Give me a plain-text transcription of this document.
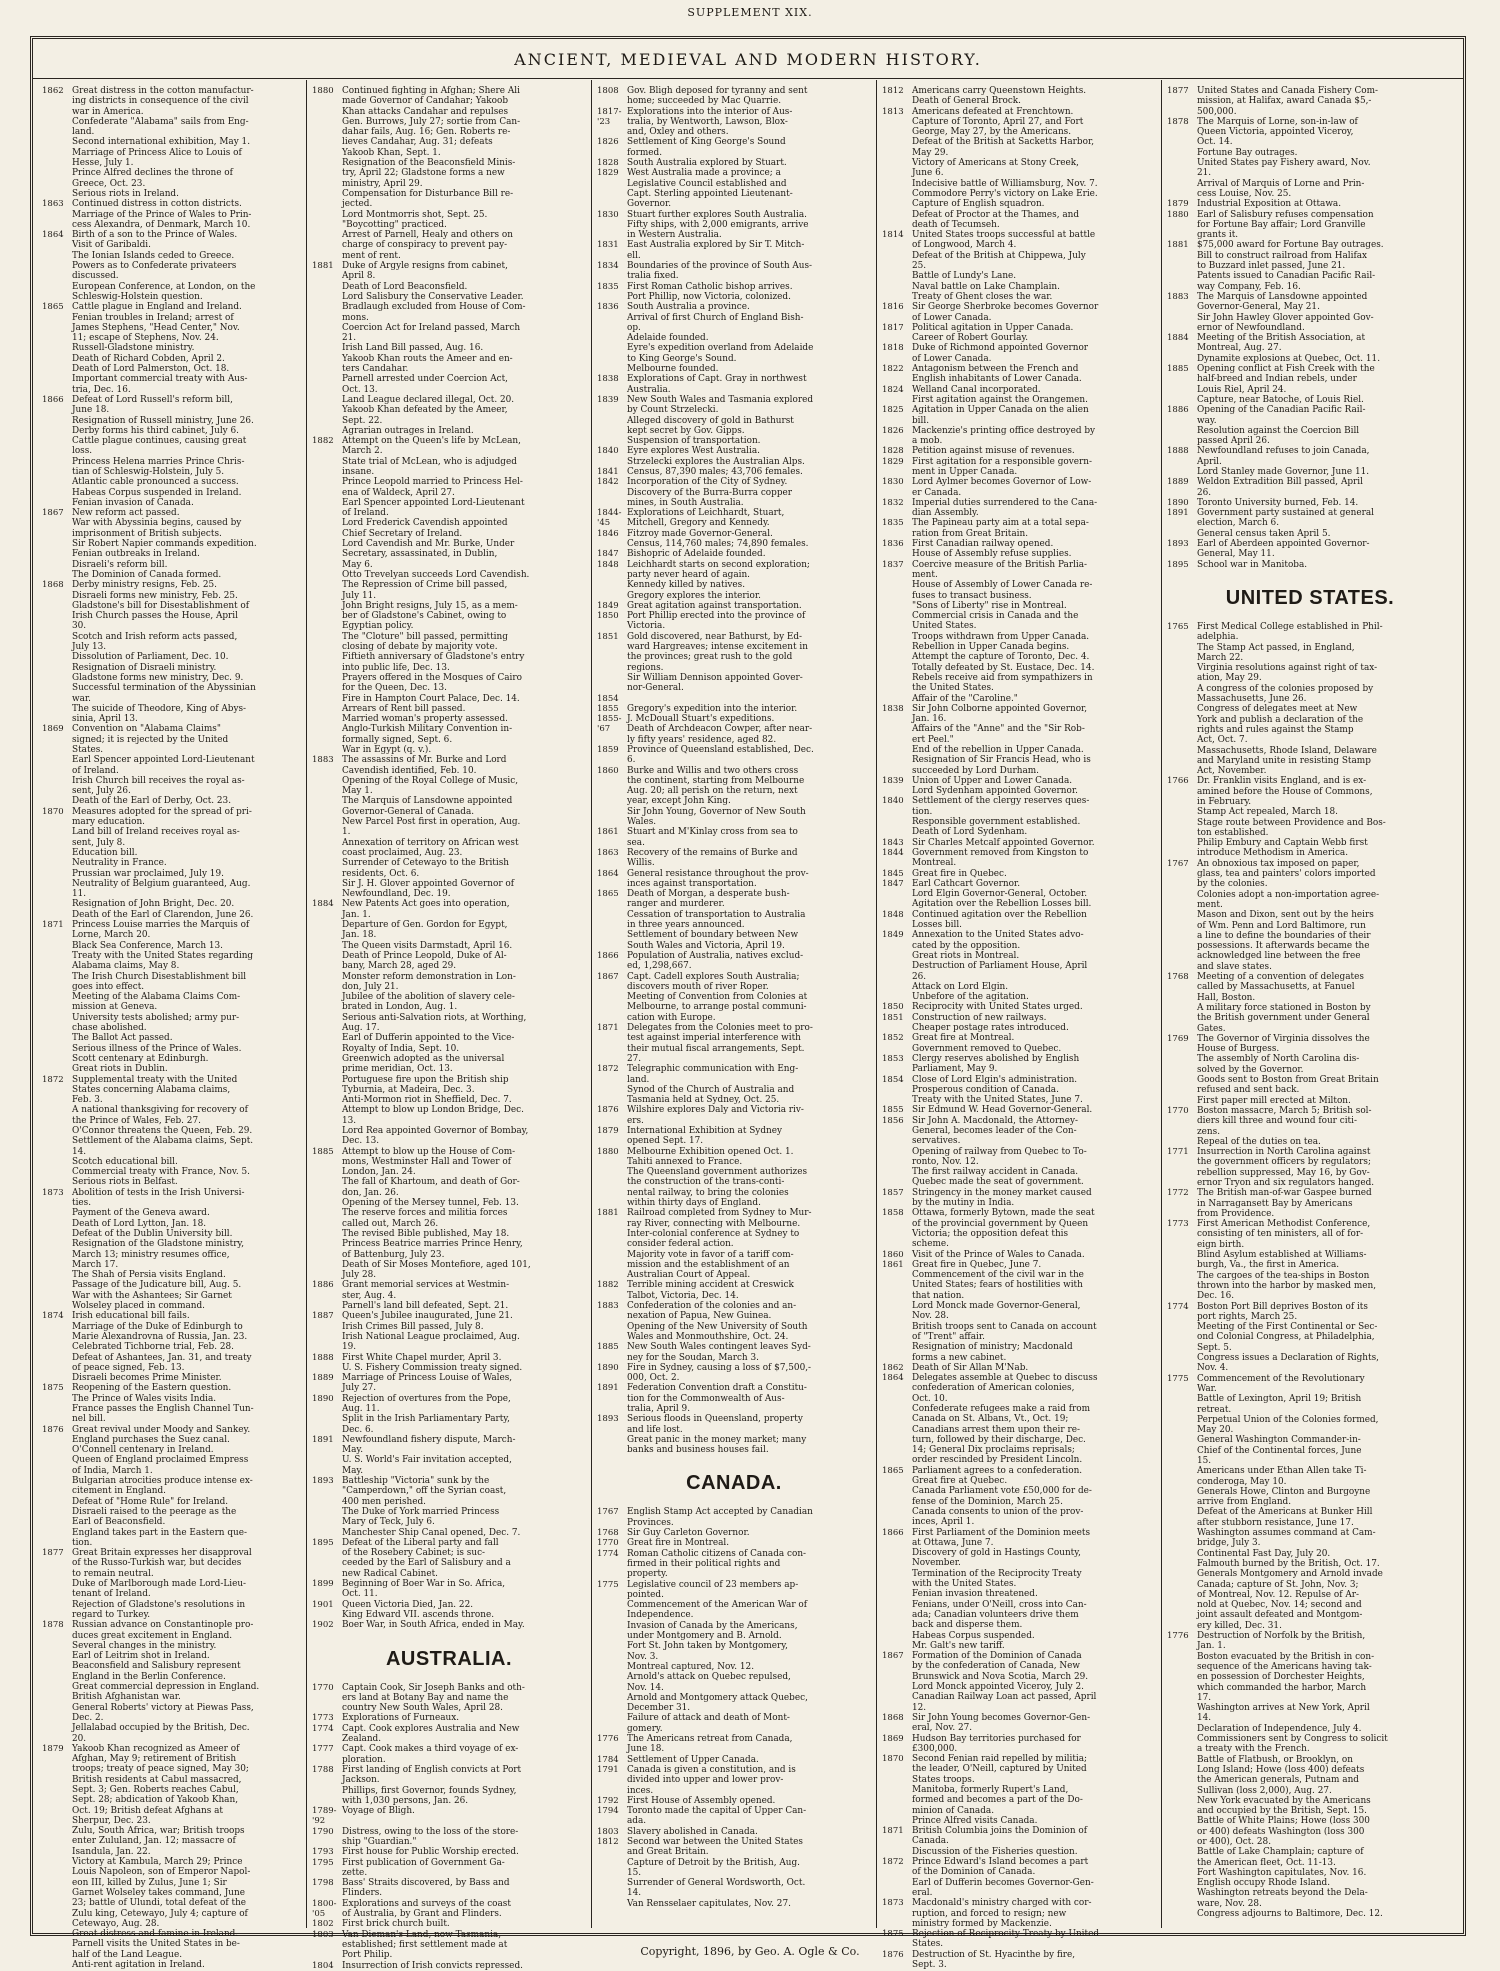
SUPPLEMENT XIX.
ANCIENT, MEDIEVAL AND MODERN HISTORY.
1862 Great distress in the cotton manufactur-
ing districts in consequence of the civil
war in America.
Confederate "Alabama" sails from Eng-
land.
Second international exhibition, May 1.
Marriage of Princess Alice to Louis of
Hesse, July 1.
Prince Alfred declines the throne of
Greece, Oct. 23.
Serious riots in Ireland.
1863 Continued distress in cotton districts.
Marriage of the Prince of Wales to Prin-
cess Alexandra, of Denmark, March 10.
1864 Birth of a son to the Prince of Wales.
Visit of Garibaldi.
The Ionian Islands ceded to Greece.
Powers as to Confederate privateers
discussed.
European Conference, at London, on the
Schleswig-Holstein question.
1865 Cattle plague in England and Ireland.
Fenian troubles in Ireland; arrest of
James Stephens, "Head Center," Nov.
11; escape of Stephens, Nov. 24.
Russell-Gladstone ministry.
Death of Richard Cobden, April 2.
Death of Lord Palmerston, Oct. 18.
Important commercial treaty with Aus-
tria, Dec. 16.
1866 Defeat of Lord Russell's reform bill,
June 18.
Resignation of Russell ministry, June 26.
Derby forms his third cabinet, July 6.
Cattle plague continues, causing great
loss.
Princess Helena marries Prince Chris-
tian of Schleswig-Holstein, July 5.
Atlantic cable pronounced a success.
Habeas Corpus suspended in Ireland.
Fenian invasion of Canada.
1867 New reform act passed.
War with Abyssinia begins, caused by
imprisonment of British subjects.
Sir Robert Napier commands expedition.
Fenian outbreaks in Ireland.
Disraeli's reform bill.
The Dominion of Canada formed.
1868 Derby ministry resigns, Feb. 25.
Disraeli forms new ministry, Feb. 25.
Gladstone's bill for Disestablishment of
Irish Church passes the House, April
30.
Scotch and Irish reform acts passed,
July 13.
Dissolution of Parliament, Dec. 10.
Resignation of Disraeli ministry.
Gladstone forms new ministry, Dec. 9.
Successful termination of the Abyssinian
war.
The suicide of Theodore, King of Abys-
sinia, April 13.
1869 Convention on "Alabama Claims"
signed; it is rejected by the United
States.
Earl Spencer appointed Lord-Lieutenant
of Ireland.
Irish Church bill receives the royal as-
sent, July 26.
Death of the Earl of Derby, Oct. 23.
1870 Measures adopted for the spread of pri-
mary education.
Land bill of Ireland receives royal as-
sent, July 8.
Education bill.
Neutrality in France.
Prussian war proclaimed, July 19.
Neutrality of Belgium guaranteed, Aug.
11.
Resignation of John Bright, Dec. 20.
Death of the Earl of Clarendon, June 26.
1871 Princess Louise marries the Marquis of
Lorne, March 20.
Black Sea Conference, March 13.
Treaty with the United States regarding
Alabama claims, May 8.
The Irish Church Disestablishment bill
goes into effect.
Meeting of the Alabama Claims Com-
mission at Geneva.
University tests abolished; army pur-
chase abolished.
The Ballot Act passed.
Serious illness of the Prince of Wales.
Scott centenary at Edinburgh.
Great riots in Dublin.
1872 Supplemental treaty with the United
States concerning Alabama claims,
Feb. 3.
A national thanksgiving for recovery of
the Prince of Wales, Feb. 27.
O'Connor threatens the Queen, Feb. 29.
Settlement of the Alabama claims, Sept.
14.
Scotch educational bill.
Commercial treaty with France, Nov. 5.
Serious riots in Belfast.
1873 Abolition of tests in the Irish Universi-
ties.
Payment of the Geneva award.
Death of Lord Lytton, Jan. 18.
Defeat of the Dublin University bill.
Resignation of the Gladstone ministry,
March 13; ministry resumes office,
March 17.
The Shah of Persia visits England.
Passage of the Judicature bill, Aug. 5.
War with the Ashantees; Sir Garnet
Wolseley placed in command.
1874 Irish educational bill fails.
Marriage of the Duke of Edinburgh to
Marie Alexandrovna of Russia, Jan. 23.
Celebrated Tichborne trial, Feb. 28.
Defeat of Ashantees, Jan. 31, and treaty
of peace signed, Feb. 13.
Disraeli becomes Prime Minister.
1875 Reopening of the Eastern question.
The Prince of Wales visits India.
France passes the English Channel Tun-
nel bill.
1876 Great revival under Moody and Sankey.
England purchases the Suez canal.
O'Connell centenary in Ireland.
Queen of England proclaimed Empress
of India, March 1.
Bulgarian atrocities produce intense ex-
citement in England.
Defeat of "Home Rule" for Ireland.
Disraeli raised to the peerage as the
Earl of Beaconsfield.
England takes part in the Eastern que-
tion.
1877 Great Britain expresses her disapproval
of the Russo-Turkish war, but decides
to remain neutral.
Duke of Marlborough made Lord-Lieu-
tenant of Ireland.
Rejection of Gladstone's resolutions in
regard to Turkey.
1878 Russian advance on Constantinople pro-
duces great excitement in England.
Several changes in the ministry.
Earl of Leitrim shot in Ireland.
Beaconsfield and Salisbury represent
England in the Berlin Conference.
Great commercial depression in England.
British Afghanistan war.
General Roberts' victory at Piewas Pass,
Dec. 2.
Jellalabad occupied by the British, Dec.
20.
1879 Yakoob Khan recognized as Ameer of
Afghan, May 9; retirement of British
troops; treaty of peace signed, May 30;
British residents at Cabul massacred,
Sept. 3; Gen. Roberts reaches Cabul,
Sept. 28; abdication of Yakoob Khan,
Oct. 19; British defeat Afghans at
Sherpur, Dec. 23.
Zulu, South Africa, war; British troops
enter Zululand, Jan. 12; massacre of
Isandula, Jan. 22.
Victory at Kambula, March 29; Prince
Louis Napoleon, son of Emperor Napol-
eon III, killed by Zulus, June 1; Sir
Garnet Wolseley takes command, June
23; battle of Ulundi, total defeat of the
Zulu king, Cetewayo, July 4; capture of
Cetewayo, Aug. 28.
Great distress and famine in Ireland.
Parnell visits the United States in be-
half of the Land League.
Anti-rent agitation in Ireland.
1880 Continued fighting in Afghan; Shere Ali
made Governor of Candahar; Yakoob
Khan attacks Candahar and repulses
Gen. Burrows, July 27; sortie from Can-
dahar fails, Aug. 16; Gen. Roberts re-
lieves Candahar, Aug. 31; defeats
Yakoob Khan, Sept. 1.
Resignation of the Beaconsfield Minis-
try, April 22; Gladstone forms a new
ministry, April 29.
Compensation for Disturbance Bill re-
jected.
Lord Montmorris shot, Sept. 25.
"Boycotting" practiced.
Arrest of Parnell, Healy and others on
charge of conspiracy to prevent pay-
ment of rent.
1881 Duke of Argyle resigns from cabinet,
April 8.
Death of Lord Beaconsfield.
Lord Salisbury the Conservative Leader.
Bradlaugh excluded from House of Com-
mons.
Coercion Act for Ireland passed, March
21.
Irish Land Bill passed, Aug. 16.
Yakoob Khan routs the Ameer and en-
ters Candahar.
Parnell arrested under Coercion Act,
Oct. 13.
Land League declared illegal, Oct. 20.
Yakoob Khan defeated by the Ameer,
Sept. 22.
Agrarian outrages in Ireland.
1882 Attempt on the Queen's life by McLean,
March 2.
State trial of McLean, who is adjudged
insane.
Prince Leopold married to Princess Hel-
ena of Waldeck, April 27.
Earl Spencer appointed Lord-Lieutenant
of Ireland.
Lord Frederick Cavendish appointed
Chief Secretary of Ireland.
Lord Cavendish and Mr. Burke, Under
Secretary, assassinated, in Dublin,
May 6.
Otto Trevelyan succeeds Lord Cavendish.
The Repression of Crime bill passed,
July 11.
John Bright resigns, July 15, as a mem-
ber of Gladstone's Cabinet, owing to
Egyptian policy.
The "Cloture" bill passed, permitting
closing of debate by majority vote.
Fiftieth anniversary of Gladstone's entry
into public life, Dec. 13.
Prayers offered in the Mosques of Cairo
for the Queen, Dec. 13.
Fire in Hampton Court Palace, Dec. 14.
Arrears of Rent bill passed.
Married woman's property assessed.
Anglo-Turkish Military Convention in-
formally signed, Sept. 6.
War in Egypt (q. v.).
1883 The assassins of Mr. Burke and Lord
Cavendish identified, Feb. 10.
Opening of the Royal College of Music,
May 1.
The Marquis of Lansdowne appointed
Governor-General of Canada.
New Parcel Post first in operation, Aug.
1.
Annexation of territory on African west
coast proclaimed, Aug. 23.
Surrender of Cetewayo to the British
residents, Oct. 6.
Sir J. H. Glover appointed Governor of
Newfoundland, Dec. 19.
1884 New Patents Act goes into operation,
Jan. 1.
Departure of Gen. Gordon for Egypt,
Jan. 18.
The Queen visits Darmstadt, April 16.
Death of Prince Leopold, Duke of Al-
bany, March 28, aged 29.
Monster reform demonstration in Lon-
don, July 21.
Jubilee of the abolition of slavery cele-
brated in London, Aug. 1.
Serious anti-Salvation riots, at Worthing,
Aug. 17.
Earl of Dufferin appointed to the Vice-
Royalty of India, Sept. 10.
Greenwich adopted as the universal
prime meridian, Oct. 13.
Portuguese fire upon the British ship
Tyburnia, at Madeira, Dec. 3.
Anti-Mormon riot in Sheffield, Dec. 7.
Attempt to blow up London Bridge, Dec.
13.
Lord Rea appointed Governor of Bombay,
Dec. 13.
1885 Attempt to blow up the House of Com-
mons, Westminster Hall and Tower of
London, Jan. 24.
The fall of Khartoum, and death of Gor-
don, Jan. 26.
Opening of the Mersey tunnel, Feb. 13.
The reserve forces and militia forces
called out, March 26.
The revised Bible published, May 18.
Princess Beatrice marries Prince Henry,
of Battenburg, July 23.
Death of Sir Moses Montefiore, aged 101,
July 28.
1886 Grant memorial services at Westmin-
ster, Aug. 4.
Parnell's land bill defeated, Sept. 21.
1887 Queen's Jubilee inaugurated, June 21.
Irish Crimes Bill passed, July 8.
Irish National League proclaimed, Aug.
19.
1888 First White Chapel murder, April 3.
U. S. Fishery Commission treaty signed.
1889 Marriage of Princess Louise of Wales,
July 27.
1890 Rejection of overtures from the Pope,
Aug. 11.
Split in the Irish Parliamentary Party,
Dec. 6.
1891 Newfoundland fishery dispute, March-
May.
U. S. World's Fair invitation accepted,
May.
1893 Battleship "Victoria" sunk by the
"Camperdown," off the Syrian coast,
400 men perished.
The Duke of York married Princess
Mary of Teck, July 6.
Manchester Ship Canal opened, Dec. 7.
1895 Defeat of the Liberal party and fall
of the Rosebery Cabinet; is suc-
ceeded by the Earl of Salisbury and a
new Radical Cabinet.
1899 Beginning of Boer War in So. Africa,
Oct. 11.
1901 Queen Victoria Died, Jan. 22.
King Edward VII. ascends throne.
1902 Boer War, in South Africa, ended in May.
AUSTRALIA.
1770 Captain Cook, Sir Joseph Banks and oth-
ers land at Botany Bay and name the
country New South Wales, April 28.
1773 Explorations of Furneaux.
1774 Capt. Cook explores Australia and New
Zealand.
1777 Capt. Cook makes a third voyage of ex-
ploration.
1788 First landing of English convicts at Port
Jackson.
Phillips, first Governor, founds Sydney,
with 1,030 persons, Jan. 26.
1789-'92
Voyage of Bligh.
1790 Distress, owing to the loss of the store-
ship "Guardian."
1793 First house for Public Worship erected.
1795 First publication of Government Ga-
zette.
1798 Bass' Straits discovered, by Bass and
Flinders.
1800-'05
Explorations and surveys of the coast
of Australia, by Grant and Flinders.
1802 First brick church built.
1803 Van Dieman's Land, now Tasmania,
established; first settlement made at
Port Philip.
1804 Insurrection of Irish convicts repressed.
1808 Gov. Bligh deposed for tyranny and sent
home; succeeded by Mac Quarrie.
1817-'23
Explorations into the interior of Aus-
tralia, by Wentworth, Lawson, Blox-
and, Oxley and others.
1826 Settlement of King George's Sound
formed.
1828 South Australia explored by Stuart.
1829 West Australia made a province; a
Legislative Council established and
Capt. Sterling appointed Lieutenant-
Governor.
1830 Stuart further explores South Australia.
Fifty ships, with 2,000 emigrants, arrive
in Western Australia.
1831 East Australia explored by Sir T. Mitch-
ell.
1834 Boundaries of the province of South Aus-
tralia fixed.
1835 First Roman Catholic bishop arrives.
Port Phillip, now Victoria, colonized.
1836 South Australia a province.
Arrival of first Church of England Bish-
op.
Adelaide founded.
Eyre's expedition overland from Adelaide
to King George's Sound.
Melbourne founded.
1838 Explorations of Capt. Gray in northwest
Australia.
1839 New South Wales and Tasmania explored
by Count Strzelecki.
Alleged discovery of gold in Bathurst
kept secret by Gov. Gipps.
Suspension of transportation.
1840 Eyre explores West Australia.
Strzelecki explores the Australian Alps.
1841 Census, 87,390 males; 43,706 females.
1842 Incorporation of the City of Sydney.
Discovery of the Burra-Burra copper
mines, in South Australia.
1844-'45
Explorations of Leichhardt, Stuart,
Mitchell, Gregory and Kennedy.
1846 Fitzroy made Governor-General.
Census, 114,760 males; 74,890 females.
1847 Bishopric of Adelaide founded.
1848 Leichhardt starts on second exploration;
party never heard of again.
Kennedy killed by natives.
Gregory explores the interior.
1849 Great agitation against transportation.
1850 Port Phillip erected into the province of
Victoria.
1851 Gold discovered, near Bathurst, by Ed-
ward Hargreaves; intense excitement in
the provinces; great rush to the gold
regions.
Sir William Dennison appointed Gover-
nor-General.
1854
1855 Gregory's expedition into the interior.
1855-'67
J. McDouall Stuart's expeditions.
Death of Archdeacon Cowper, after near-
ly fifty years' residence, aged 82.
1859 Province of Queensland established, Dec.
6.
1860 Burke and Willis and two others cross
the continent, starting from Melbourne
Aug. 20; all perish on the return, next
year, except John King.
Sir John Young, Governor of New South
Wales.
1861 Stuart and M'Kinlay cross from sea to
sea.
1863 Recovery of the remains of Burke and
Willis.
1864 General resistance throughout the prov-
inces against transportation.
1865 Death of Morgan, a desperate bush-
ranger and murderer.
Cessation of transportation to Australia
in three years announced.
Settlement of boundary between New
South Wales and Victoria, April 19.
1866 Population of Australia, natives exclud-
ed, 1,298,667.
1867 Capt. Cadell explores South Australia;
discovers mouth of river Roper.
Meeting of Convention from Colonies at
Melbourne, to arrange postal communi-
cation with Europe.
1871 Delegates from the Colonies meet to pro-
test against imperial interference with
their mutual fiscal arrangements, Sept.
27.
1872 Telegraphic communication with Eng-
land.
Synod of the Church of Australia and
Tasmania held at Sydney, Oct. 25.
1876 Wilshire explores Daly and Victoria riv-
ers.
1879 International Exhibition at Sydney
opened Sept. 17.
1880 Melbourne Exhibition opened Oct. 1.
Tahiti annexed to France.
The Queensland government authorizes
the construction of the trans-conti-
nental railway, to bring the colonies
within thirty days of England.
1881 Railroad completed from Sydney to Mur-
ray River, connecting with Melbourne.
Inter-colonial conference at Sydney to
consider federal action.
Majority vote in favor of a tariff com-
mission and the establishment of an
Australian Court of Appeal.
1882 Terrible mining accident at Creswick
Talbot, Victoria, Dec. 14.
1883 Confederation of the colonies and an-
nexation of Papua, New Guinea.
Opening of the New University of South
Wales and Monmouthshire, Oct. 24.
1885 New South Wales contingent leaves Syd-
ney for the Soudan, March 3.
1890 Fire in Sydney, causing a loss of $7,500,-
000, Oct. 2.
1891 Federation Convention draft a Constitu-
tion for the Commonwealth of Aus-
tralia, April 9.
1893 Serious floods in Queensland, property
and life lost.
Great panic in the money market; many
banks and business houses fail.
CANADA.
1767 English Stamp Act accepted by Canadian
Provinces.
1768 Sir Guy Carleton Governor.
1770 Great fire in Montreal.
1774 Roman Catholic citizens of Canada con-
firmed in their political rights and
property.
1775 Legislative council of 23 members ap-
pointed.
Commencement of the American War of
Independence.
Invasion of Canada by the Americans,
under Montgomery and B. Arnold.
Fort St. John taken by Montgomery,
Nov. 3.
Montreal captured, Nov. 12.
Arnold's attack on Quebec repulsed,
Nov. 14.
Arnold and Montgomery attack Quebec,
December 31.
Failure of attack and death of Mont-
gomery.
1776 The Americans retreat from Canada,
June 18.
1784 Settlement of Upper Canada.
1791 Canada is given a constitution, and is
divided into upper and lower prov-
inces.
1792 First House of Assembly opened.
1794 Toronto made the capital of Upper Can-
ada.
1803 Slavery abolished in Canada.
1812 Second war between the United States
and Great Britain.
Capture of Detroit by the British, Aug.
15.
Surrender of General Wordsworth, Oct.
14.
Van Rensselaer capitulates, Nov. 27.
1812 Americans carry Queenstown Heights.
Death of General Brock.
1813 Americans defeated at Frenchtown.
Capture of Toronto, April 27, and Fort
George, May 27, by the Americans.
Defeat of the British at Sacketts Harbor,
May 29.
Victory of Americans at Stony Creek,
June 6.
Indecisive battle of Williamsburg, Nov. 7.
Commodore Perry's victory on Lake Erie.
Capture of English squadron.
Defeat of Proctor at the Thames, and
death of Tecumseh.
1814 United States troops successful at battle
of Longwood, March 4.
Defeat of the British at Chippewa, July
25.
Battle of Lundy's Lane.
Naval battle on Lake Champlain.
Treaty of Ghent closes the war.
1816 Sir George Sherbroke becomes Governor
of Lower Canada.
1817 Political agitation in Upper Canada.
Career of Robert Gourlay.
1818 Duke of Richmond appointed Governor
of Lower Canada.
1822 Antagonism between the French and
English inhabitants of Lower Canada.
1824 Welland Canal incorporated.
First agitation against the Orangemen.
1825 Agitation in Upper Canada on the alien
bill.
1826 Mackenzie's printing office destroyed by
a mob.
1828 Petition against misuse of revenues.
1829 First agitation for a responsible govern-
ment in Upper Canada.
1830 Lord Aylmer becomes Governor of Low-
er Canada.
1832 Imperial duties surrendered to the Cana-
dian Assembly.
1835 The Papineau party aim at a total sepa-
ration from Great Britain.
1836 First Canadian railway opened.
House of Assembly refuse supplies.
1837 Coercive measure of the British Parlia-
ment.
House of Assembly of Lower Canada re-
fuses to transact business.
"Sons of Liberty" rise in Montreal.
Commercial crisis in Canada and the
United States.
Troops withdrawn from Upper Canada.
Rebellion in Upper Canada begins.
Attempt the capture of Toronto, Dec. 4.
Totally defeated by St. Eustace, Dec. 14.
Rebels receive aid from sympathizers in
the United States.
Affair of the "Caroline."
1838 Sir John Colborne appointed Governor,
Jan. 16.
Affairs of the "Anne" and the "Sir Rob-
ert Peel."
End of the rebellion in Upper Canada.
Resignation of Sir Francis Head, who is
succeeded by Lord Durham.
1839 Union of Upper and Lower Canada.
Lord Sydenham appointed Governor.
1840 Settlement of the clergy reserves ques-
tion.
Responsible government established.
Death of Lord Sydenham.
1843 Sir Charles Metcalf appointed Governor.
1844 Government removed from Kingston to
Montreal.
1845 Great fire in Quebec.
1847 Earl Cathcart Governor.
Lord Elgin Governor-General, October.
Agitation over the Rebellion Losses bill.
1848 Continued agitation over the Rebellion
Losses bill.
1849 Annexation to the United States advo-
cated by the opposition.
Great riots in Montreal.
Destruction of Parliament House, April
26.
Attack on Lord Elgin.
Unbefore of the agitation.
1850 Reciprocity with United States urged.
1851 Construction of new railways.
Cheaper postage rates introduced.
1852 Great fire at Montreal.
Government removed to Quebec.
1853 Clergy reserves abolished by English
Parliament, May 9.
1854 Close of Lord Elgin's administration.
Prosperous condition of Canada.
Treaty with the United States, June 7.
1855 Sir Edmund W. Head Governor-General.
1856 Sir John A. Macdonald, the Attorney-
General, becomes leader of the Con-
servatives.
Opening of railway from Quebec to To-
ronto, Nov. 12.
The first railway accident in Canada.
Quebec made the seat of government.
1857 Stringency in the money market caused
by the mutiny in India.
1858 Ottawa, formerly Bytown, made the seat
of the provincial government by Queen
Victoria; the opposition defeat this
scheme.
1860 Visit of the Prince of Wales to Canada.
1861 Great fire in Quebec, June 7.
Commencement of the civil war in the
United States; fears of hostilities with
that nation.
Lord Monck made Governor-General,
Nov. 28.
British troops sent to Canada on account
of "Trent" affair.
Resignation of ministry; Macdonald
forms a new cabinet.
1862 Death of Sir Allan M'Nab.
1864 Delegates assemble at Quebec to discuss
confederation of American colonies,
Oct. 10.
Confederate refugees make a raid from
Canada on St. Albans, Vt., Oct. 19;
Canadians arrest them upon their re-
turn, followed by their discharge, Dec.
14; General Dix proclaims reprisals;
order rescinded by President Lincoln.
1865 Parliament agrees to a confederation.
Great fire at Quebec.
Canada Parliament vote £50,000 for de-
fense of the Dominion, March 25.
Canada consents to union of the prov-
inces, April 1.
1866 First Parliament of the Dominion meets
at Ottawa, June 7.
Discovery of gold in Hastings County,
November.
Termination of the Reciprocity Treaty
with the United States.
Fenian invasion threatened.
Fenians, under O'Neill, cross into Can-
ada; Canadian volunteers drive them
back and disperse them.
Habeas Corpus suspended.
Mr. Galt's new tariff.
1867 Formation of the Dominion of Canada
by the confederation of Canada, New
Brunswick and Nova Scotia, March 29.
Lord Monck appointed Viceroy, July 2.
Canadian Railway Loan act passed, April
12.
1868 Sir John Young becomes Governor-Gen-
eral, Nov. 27.
1869 Hudson Bay territories purchased for
£300,000.
1870 Second Fenian raid repelled by militia;
the leader, O'Neill, captured by United
States troops.
Manitoba, formerly Rupert's Land,
formed and becomes a part of the Do-
minion of Canada.
Prince Alfred visits Canada.
1871 British Columbia joins the Dominion of
Canada.
Discussion of the Fisheries question.
1872 Prince Edward's Island becomes a part
of the Dominion of Canada.
Earl of Dufferin becomes Governor-Gen-
eral.
1873 Macdonald's ministry charged with cor-
ruption, and forced to resign; new
ministry formed by Mackenzie.
1875 Rejection of Reciprocity Treaty by United
States.
1876 Destruction of St. Hyacinthe by fire,
Sept. 3.
1877 United States and Canada Fishery Com-
mission, at Halifax, award Canada $5,-
500,000.
1878 The Marquis of Lorne, son-in-law of
Queen Victoria, appointed Viceroy,
Oct. 14.
Fortune Bay outrages.
United States pay Fishery award, Nov.
21.
Arrival of Marquis of Lorne and Prin-
cess Louise, Nov. 25.
1879 Industrial Exposition at Ottawa.
1880 Earl of Salisbury refuses compensation
for Fortune Bay affair; Lord Granville
grants it.
1881 $75,000 award for Fortune Bay outrages.
Bill to construct railroad from Halifax
to Buzzard inlet passed, June 21.
Patents issued to Canadian Pacific Rail-
way Company, Feb. 16.
1883 The Marquis of Lansdowne appointed
Governor-General, May 21.
Sir John Hawley Glover appointed Gov-
ernor of Newfoundland.
1884 Meeting of the British Association, at
Montreal, Aug. 27.
Dynamite explosions at Quebec, Oct. 11.
1885 Opening conflict at Fish Creek with the
half-breed and Indian rebels, under
Louis Riel, April 24.
Capture, near Batoche, of Louis Riel.
1886 Opening of the Canadian Pacific Rail-
way.
Resolution against the Coercion Bill
passed April 26.
1888 Newfoundland refuses to join Canada,
April.
Lord Stanley made Governor, June 11.
1889 Weldon Extradition Bill passed, April
26.
1890 Toronto University burned, Feb. 14.
1891 Government party sustained at general
election, March 6.
General census taken April 5.
1893 Earl of Aberdeen appointed Governor-
General, May 11.
1895 School war in Manitoba.
UNITED STATES.
1765 First Medical College established in Phil-
adelphia.
The Stamp Act passed, in England,
March 22.
Virginia resolutions against right of tax-
ation, May 29.
A congress of the colonies proposed by
Massachusetts, June 26.
Congress of delegates meet at New
York and publish a declaration of the
rights and rules against the Stamp
Act, Oct. 7.
Massachusetts, Rhode Island, Delaware
and Maryland unite in resisting Stamp
Act, November.
1766 Dr. Franklin visits England, and is ex-
amined before the House of Commons,
in February.
Stamp Act repealed, March 18.
Stage route between Providence and Bos-
ton established.
Philip Embury and Captain Webb first
introduce Methodism in America.
1767 An obnoxious tax imposed on paper,
glass, tea and painters' colors imported
by the colonies.
Colonies adopt a non-importation agree-
ment.
Mason and Dixon, sent out by the heirs
of Wm. Penn and Lord Baltimore, run
a line to define the boundaries of their
possessions. It afterwards became the
acknowledged line between the free
and slave states.
1768 Meeting of a convention of delegates
called by Massachusetts, at Fanuel
Hall, Boston.
A military force stationed in Boston by
the British government under General
Gates.
1769 The Governor of Virginia dissolves the
House of Burgess.
The assembly of North Carolina dis-
solved by the Governor.
Goods sent to Boston from Great Britain
refused and sent back.
First paper mill erected at Milton.
1770 Boston massacre, March 5; British sol-
diers kill three and wound four citi-
zens.
Repeal of the duties on tea.
1771 Insurrection in North Carolina against
the government officers by regulators;
rebellion suppressed, May 16, by Gov-
ernor Tryon and six regulators hanged.
1772 The British man-of-war Gaspee burned
in Narragansett Bay by Americans
from Providence.
1773 First American Methodist Conference,
consisting of ten ministers, all of for-
eign birth.
Blind Asylum established at Williams-
burgh, Va., the first in America.
The cargoes of the tea-ships in Boston
thrown into the harbor by masked men,
Dec. 16.
1774 Boston Port Bill deprives Boston of its
port rights, March 25.
Meeting of the First Continental or Sec-
ond Colonial Congress, at Philadelphia,
Sept. 5.
Congress issues a Declaration of Rights,
Nov. 4.
1775 Commencement of the Revolutionary
War.
Battle of Lexington, April 19; British
retreat.
Perpetual Union of the Colonies formed,
May 20.
General Washington Commander-in-
Chief of the Continental forces, June
15.
Americans under Ethan Allen take Ti-
conderoga, May 10.
Generals Howe, Clinton and Burgoyne
arrive from England.
Defeat of the Americans at Bunker Hill
after stubborn resistance, June 17.
Washington assumes command at Cam-
bridge, July 3.
Continental Fast Day, July 20.
Falmouth burned by the British, Oct. 17.
Generals Montgomery and Arnold invade
Canada; capture of St. John, Nov. 3;
of Montreal, Nov. 12. Repulse of Ar-
nold at Quebec, Nov. 14; second and
joint assault defeated and Montgom-
ery killed, Dec. 31.
1776 Destruction of Norfolk by the British,
Jan. 1.
Boston evacuated by the British in con-
sequence of the Americans having tak-
en possession of Dorchester Heights,
which commanded the harbor, March
17.
Washington arrives at New York, April
14.
Declaration of Independence, July 4.
Commissioners sent by Congress to solicit
a treaty with the French.
Battle of Flatbush, or Brooklyn, on
Long Island; Howe (loss 400) defeats
the American generals, Putnam and
Sullivan (loss 2,000), Aug. 27.
New York evacuated by the Americans
and occupied by the British, Sept. 15.
Battle of White Plains; Howe (loss 300
or 400) defeats Washington (loss 300
or 400), Oct. 28.
Battle of Lake Champlain; capture of
the American fleet, Oct. 11-13.
Fort Washington capitulates, Nov. 16.
English occupy Rhode Island.
Washington retreats beyond the Dela-
ware, Nov. 28.
Congress adjourns to Baltimore, Dec. 12.
Copyright, 1896, by Geo. A. Ogle & Co.
